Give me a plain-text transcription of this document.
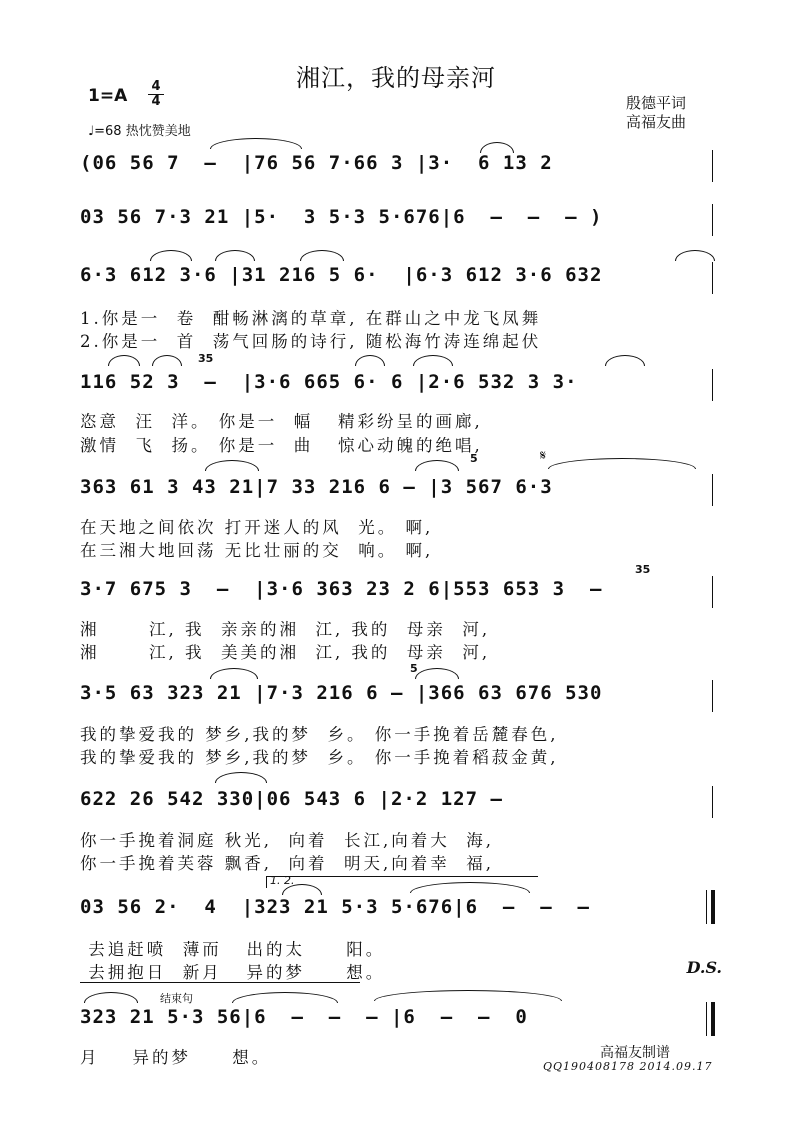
湘江，我的母亲河
1=A 4
4
♩=68 热忱赞美地
殷德平词
高福友曲
(06 56 7  –  |76 56 7·66 3 |3·  6 13 2
03 56 7·3 21 |5·  3 5·3 5·676|6  –  –  – )
6·3 612 3·6 |31 216 5 6·  |6·3 612 3·6 632
1.你是一  卷  酣畅淋漓的草章, 在群山之中龙飞凤舞
2.你是一  首  荡气回肠的诗行, 随松海竹涛连绵起伏
35
116 52 3  –  |3·6 665 6· 6 |2·6 532 3 3·
恣意  汪  洋。 你是一  幅   精彩纷呈的画廊,
激情  飞  扬。 你是一  曲   惊心动魄的绝唱,
5	𝄋
363 61 3 43 21|7 33 216 6 – |3 567 6·3
在天地之间依次 打开迷人的风  光。 啊,
在三湘大地回荡 无比壮丽的交  响。 啊,
35
3·7 675 3  –  |3·6 363 23 2 6|553 653 3  –
湘      江, 我  亲亲的湘  江, 我的  母亲  河,
湘      江, 我  美美的湘  江, 我的  母亲  河,
5
3·5 63 323 21 |7·3 216 6 – |366 63 676 530
我的挚爱我的 梦乡,我的梦  乡。 你一手挽着岳麓春色,
我的挚爱我的 梦乡,我的梦  乡。 你一手挽着稻菽金黄,
622 26 542 330|06 543 6 |2·2 127 –
你一手挽着洞庭 秋光,  向着  长江,向着大  海,
你一手挽着芙蓉 飘香,  向着  明天,向着幸  福,
1. 2.
03 56 2·  4  |323 21 5·3 5·676|6  –  –  –
去追赶喷  薄而   出的太     阳。
去拥抱日  新月   异的梦     想。	D.S.
结束句
323 21 5·3 56|6  –  –  – |6  –  –  0
月    异的梦     想。	高福友制谱
QQ190408178 2014.09.17
